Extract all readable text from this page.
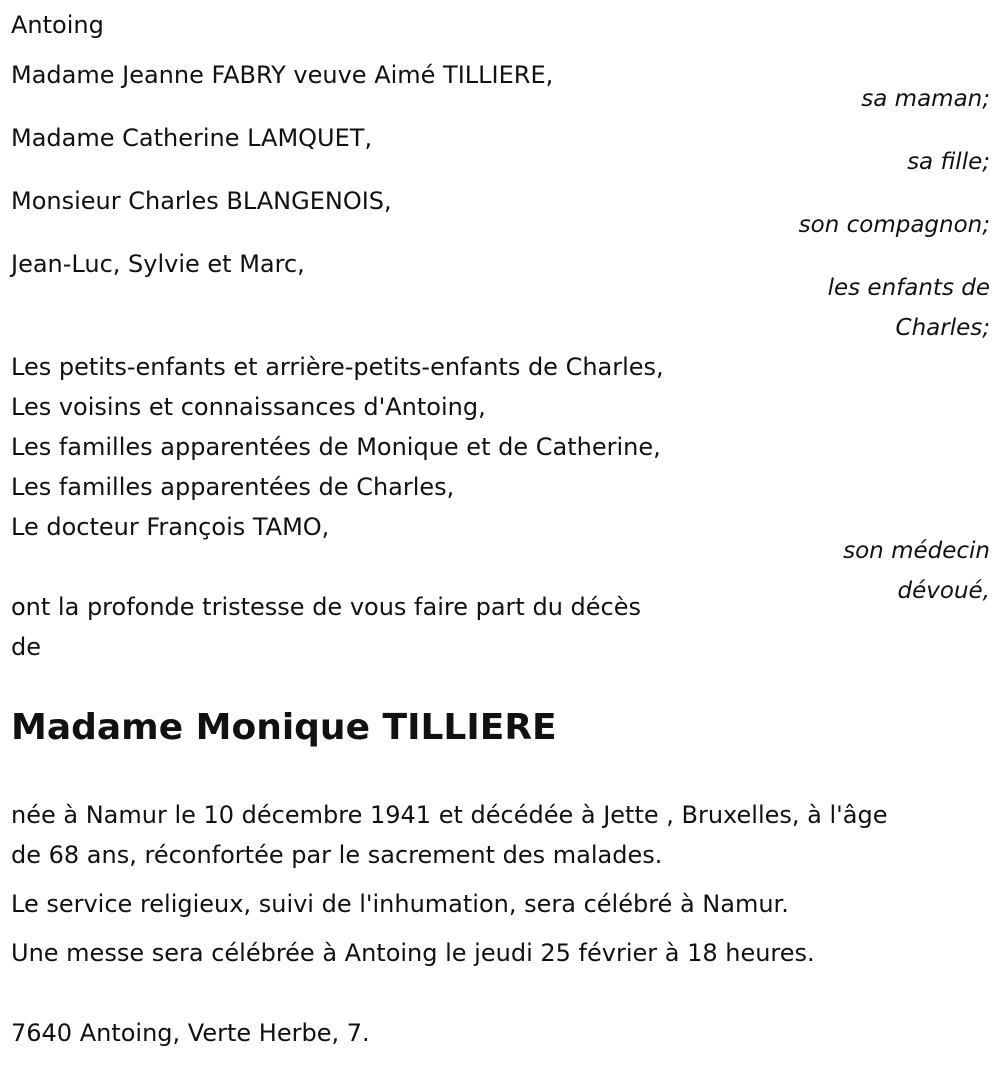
Antoing
Madame Jeanne FABRY veuve Aimé TILLIERE,
sa maman;
Madame Catherine LAMQUET,
sa fille;
Monsieur Charles BLANGENOIS,
son compagnon;
Jean-Luc, Sylvie et Marc,
les enfants de
Charles;
Les petits-enfants et arrière-petits-enfants de Charles,
Les voisins et connaissances d'Antoing,
Les familles apparentées de Monique et de Catherine,
Les familles apparentées de Charles,
Le docteur François TAMO,
son médecin
dévoué,
ont la profonde tristesse de vous faire part du décès
de
Madame Monique TILLIERE
née à Namur le 10 décembre 1941 et décédée à Jette , Bruxelles, à l'âge
de 68 ans, réconfortée par le sacrement des malades.
Le service religieux, suivi de l'inhumation, sera célébré à Namur.
Une messe sera célébrée à Antoing le jeudi 25 février à 18 heures.
7640 Antoing, Verte Herbe, 7.
